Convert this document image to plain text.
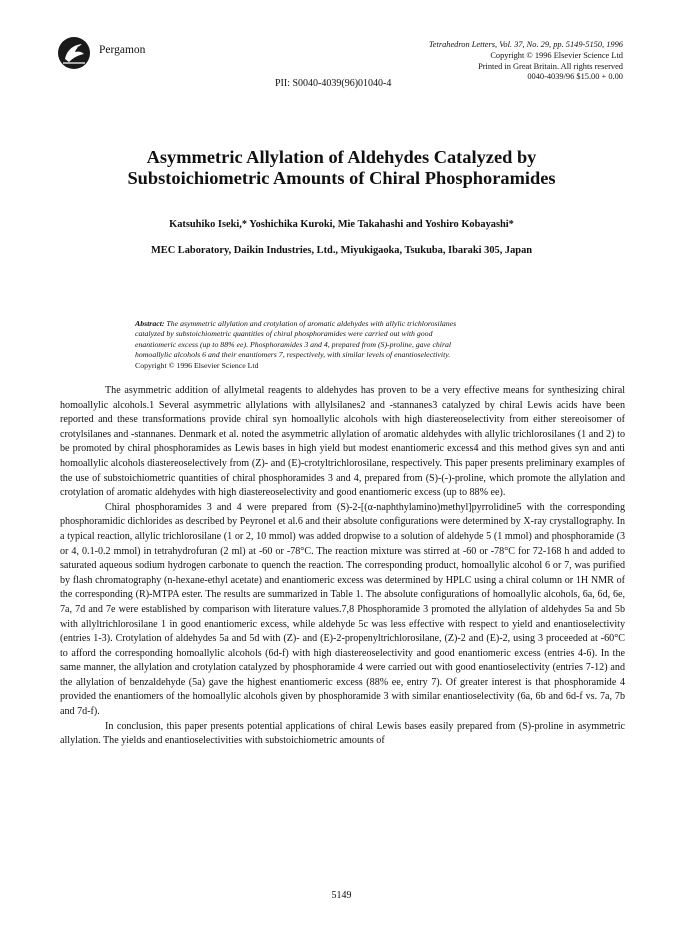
Pergamon	Tetrahedron Letters, Vol. 37, No. 29, pp. 5149-5150, 1996
Copyright © 1996 Elsevier Science Ltd
Printed in Great Britain. All rights reserved
0040-4039/96 $15.00 + 0.00
PII: S0040-4039(96)01040-4
Asymmetric Allylation of Aldehydes Catalyzed by
Substoichiometric Amounts of Chiral Phosphoramides
Katsuhiko Iseki,* Yoshichika Kuroki, Mie Takahashi and Yoshiro Kobayashi*
MEC Laboratory, Daikin Industries, Ltd., Miyukigaoka, Tsukuba, Ibaraki 305, Japan
Abstract: The asymmetric allylation and crotylation of aromatic aldehydes with allylic trichlorosilanes
catalyzed by substoichiometric quantities of chiral phosphoramides were carried out with good
enantiomeric excess (up to 88% ee). Phosphoramides 3 and 4, prepared from (S)-proline, gave chiral
homoallylic alcohols 6 and their enantiomers 7, respectively, with similar levels of enantioselectivity.
Copyright © 1996 Elsevier Science Ltd

The asymmetric addition of allylmetal reagents to aldehydes has proven to be a very effective means for synthesizing chiral homoallylic alcohols.1 Several asymmetric allylations with allylsilanes2 and -stannanes3 catalyzed by chiral Lewis acids have been reported and these transformations provide chiral syn homoallylic alcohols with high diastereoselectivity from either stereoisomer of crotylsilanes and -stannanes. Denmark et al. noted the asymmetric allylation of aromatic aldehydes with allylic trichlorosilanes (1 and 2) to be promoted by chiral phosphoramides as Lewis bases in high yield but modest enantiomeric excess4 and this method gives syn and anti homoallylic alcohols diastereoselectively from (Z)- and (E)-crotyltrichlorosilane, respectively. This paper presents preliminary examples of the use of substoichiometric quantities of chiral phosphoramides 3 and 4, prepared from (S)-(-)-proline, which promote the allylation and crotylation of aromatic aldehydes with high diastereoselectivity and good enantiomeric excess (up to 88% ee).

Chiral phosphoramides 3 and 4 were prepared from (S)-2-[(α-naphthylamino)methyl]pyrrolidine5 with the corresponding phosphoramidic dichlorides as described by Peyronel et al.6 and their absolute configurations were determined by X-ray crystallography. In a typical reaction, allylic trichlorosilane (1 or 2, 10 mmol) was added dropwise to a solution of aldehyde 5 (1 mmol) and phosphoramide (3 or 4, 0.1-0.2 mmol) in tetrahydrofuran (2 ml) at -60 or -78°C. The reaction mixture was stirred at -60 or -78°C for 72-168 h and added to saturated aqueous sodium hydrogen carbonate to quench the reaction. The corresponding product, homoallylic alcohol 6 or 7, was purified by flash chromatography (n-hexane-ethyl acetate) and enantiomeric excess was determined by HPLC using a chiral column or 1H NMR of the corresponding (R)-MTPA ester. The results are summarized in Table 1. The absolute configurations of homoallylic alcohols, 6a, 6d, 6e, 7a, 7d and 7e were established by comparison with literature values.7,8 Phosphoramide 3 promoted the allylation of aldehydes 5a and 5b with allyltrichlorosilane 1 in good enantiomeric excess, while aldehyde 5c was less effective with respect to yield and enantioselectivity (entries 1-3). Crotylation of aldehydes 5a and 5d with (Z)- and (E)-2-propenyltrichlorosilane, (Z)-2 and (E)-2, using 3 proceeded at -60°C to afford the corresponding homoallylic alcohols (6d-f) with high diastereoselectivity and good enantiomeric excess (entries 4-6). In the same manner, the allylation and crotylation catalyzed by phosphoramide 4 were carried out with good enantioselectivity (entries 7-12) and the allylation of benzaldehyde (5a) gave the highest enantiomeric excess (88% ee, entry 7). Of greater interest is that phosphoramide 4 provided the enantiomers of the homoallylic alcohols given by phosphoramide 3 with similar enantioselectivity (6a, 6b and 6d-f vs. 7a, 7b and 7d-f).

In conclusion, this paper presents potential applications of chiral Lewis bases easily prepared from (S)-proline in asymmetric allylation. The yields and enantioselectivities with substoichiometric amounts of

5149
